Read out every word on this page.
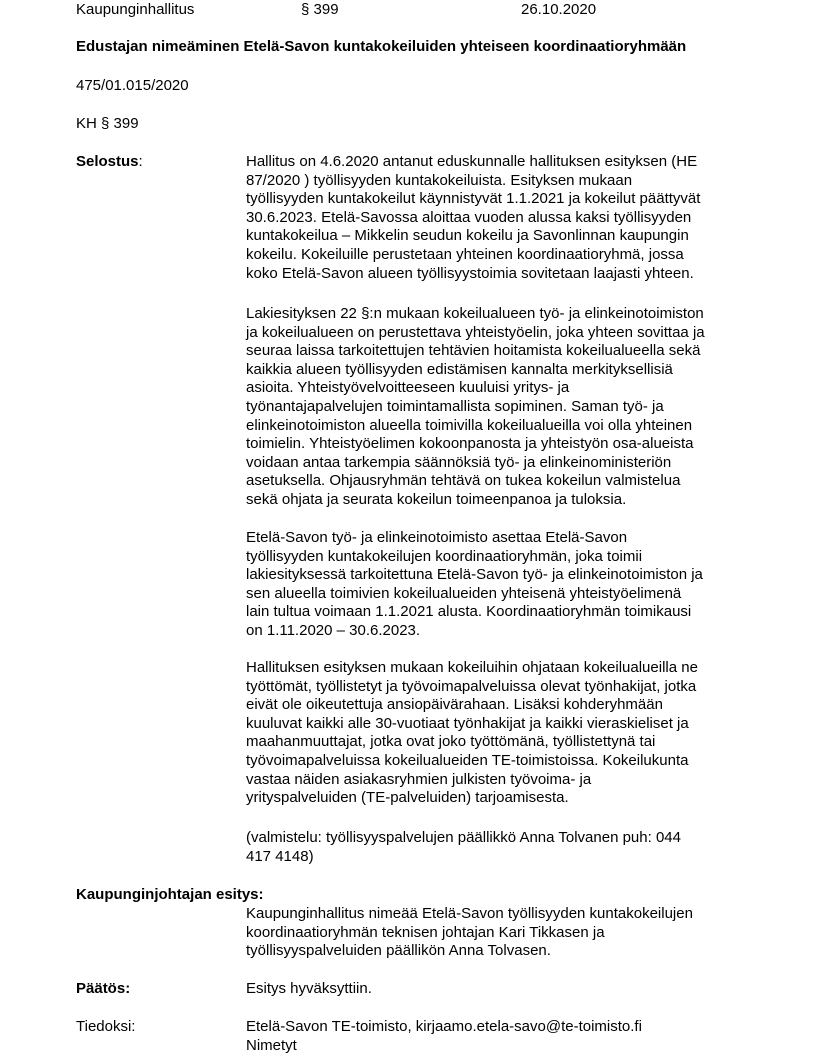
Kaupunginhallitus	§ 399	26.10.2020
Edustajan nimeäminen Etelä-Savon kuntakokeiluiden yhteiseen koordinaatioryhmään
475/01.015/2020
KH § 399
Selostus:	Hallitus on 4.6.2020 antanut eduskunnalle hallituksen esityksen (HE
87/2020 ) työllisyyden kuntakokeiluista. Esityksen mukaan
työllisyyden kuntakokeilut käynnistyvät 1.1.2021 ja kokeilut päättyvät
30.6.2023. Etelä-Savossa aloittaa vuoden alussa kaksi työllisyyden
kuntakokeilua – Mikkelin seudun kokeilu ja Savonlinnan kaupungin
kokeilu. Kokeiluille perustetaan yhteinen koordinaatioryhmä, jossa
koko Etelä-Savon alueen työllisyystoimia sovitetaan laajasti yhteen.
Lakiesityksen 22 §:n mukaan kokeilualueen työ- ja elinkeinotoimiston
ja kokeilualueen on perustettava yhteistyöelin, joka yhteen sovittaa ja
seuraa laissa tarkoitettujen tehtävien hoitamista kokeilualueella sekä
kaikkia alueen työllisyyden edistämisen kannalta merkityksellisiä
asioita. Yhteistyövelvoitteeseen kuuluisi yritys- ja
työnantajapalvelujen toimintamallista sopiminen. Saman työ- ja
elinkeinotoimiston alueella toimivilla kokeilualueilla voi olla yhteinen
toimielin. Yhteistyöelimen kokoonpanosta ja yhteistyön osa-alueista
voidaan antaa tarkempia säännöksiä työ- ja elinkeinoministeriön
asetuksella. Ohjausryhmän tehtävä on tukea kokeilun valmistelua
sekä ohjata ja seurata kokeilun toimeenpanoa ja tuloksia.
Etelä-Savon työ- ja elinkeinotoimisto asettaa Etelä-Savon
työllisyyden kuntakokeilujen koordinaatioryhmän, joka toimii
lakiesityksessä tarkoitettuna Etelä-Savon työ- ja elinkeinotoimiston ja
sen alueella toimivien kokeilualueiden yhteisenä yhteistyöelimenä
lain tultua voimaan 1.1.2021 alusta. Koordinaatioryhmän toimikausi
on 1.11.2020 – 30.6.2023.
Hallituksen esityksen mukaan kokeiluihin ohjataan kokeilualueilla ne
työttömät, työllistetyt ja työvoimapalveluissa olevat työnhakijat, jotka
eivät ole oikeutettuja ansiopäivärahaan. Lisäksi kohderyhmään
kuuluvat kaikki alle 30-vuotiaat työnhakijat ja kaikki vieraskieliset ja
maahanmuuttajat, jotka ovat joko työttömänä, työllistettynä tai
työvoimapalveluissa kokeilualueiden TE-toimistoissa. Kokeilukunta
vastaa näiden asiakasryhmien julkisten työvoima- ja
yrityspalveluiden (TE-palveluiden) tarjoamisesta.
(valmistelu: työllisyyspalvelujen päällikkö Anna Tolvanen puh: 044
417 4148)
Kaupunginjohtajan esitys:
Kaupunginhallitus nimeää Etelä-Savon työllisyyden kuntakokeilujen
koordinaatioryhmän teknisen johtajan Kari Tikkasen ja
työllisyyspalveluiden päällikön Anna Tolvasen.
Päätös:	Esitys hyväksyttiin.
Tiedoksi:	Etelä-Savon TE-toimisto, kirjaamo.etela-savo@te-toimisto.fi
Nimetyt
